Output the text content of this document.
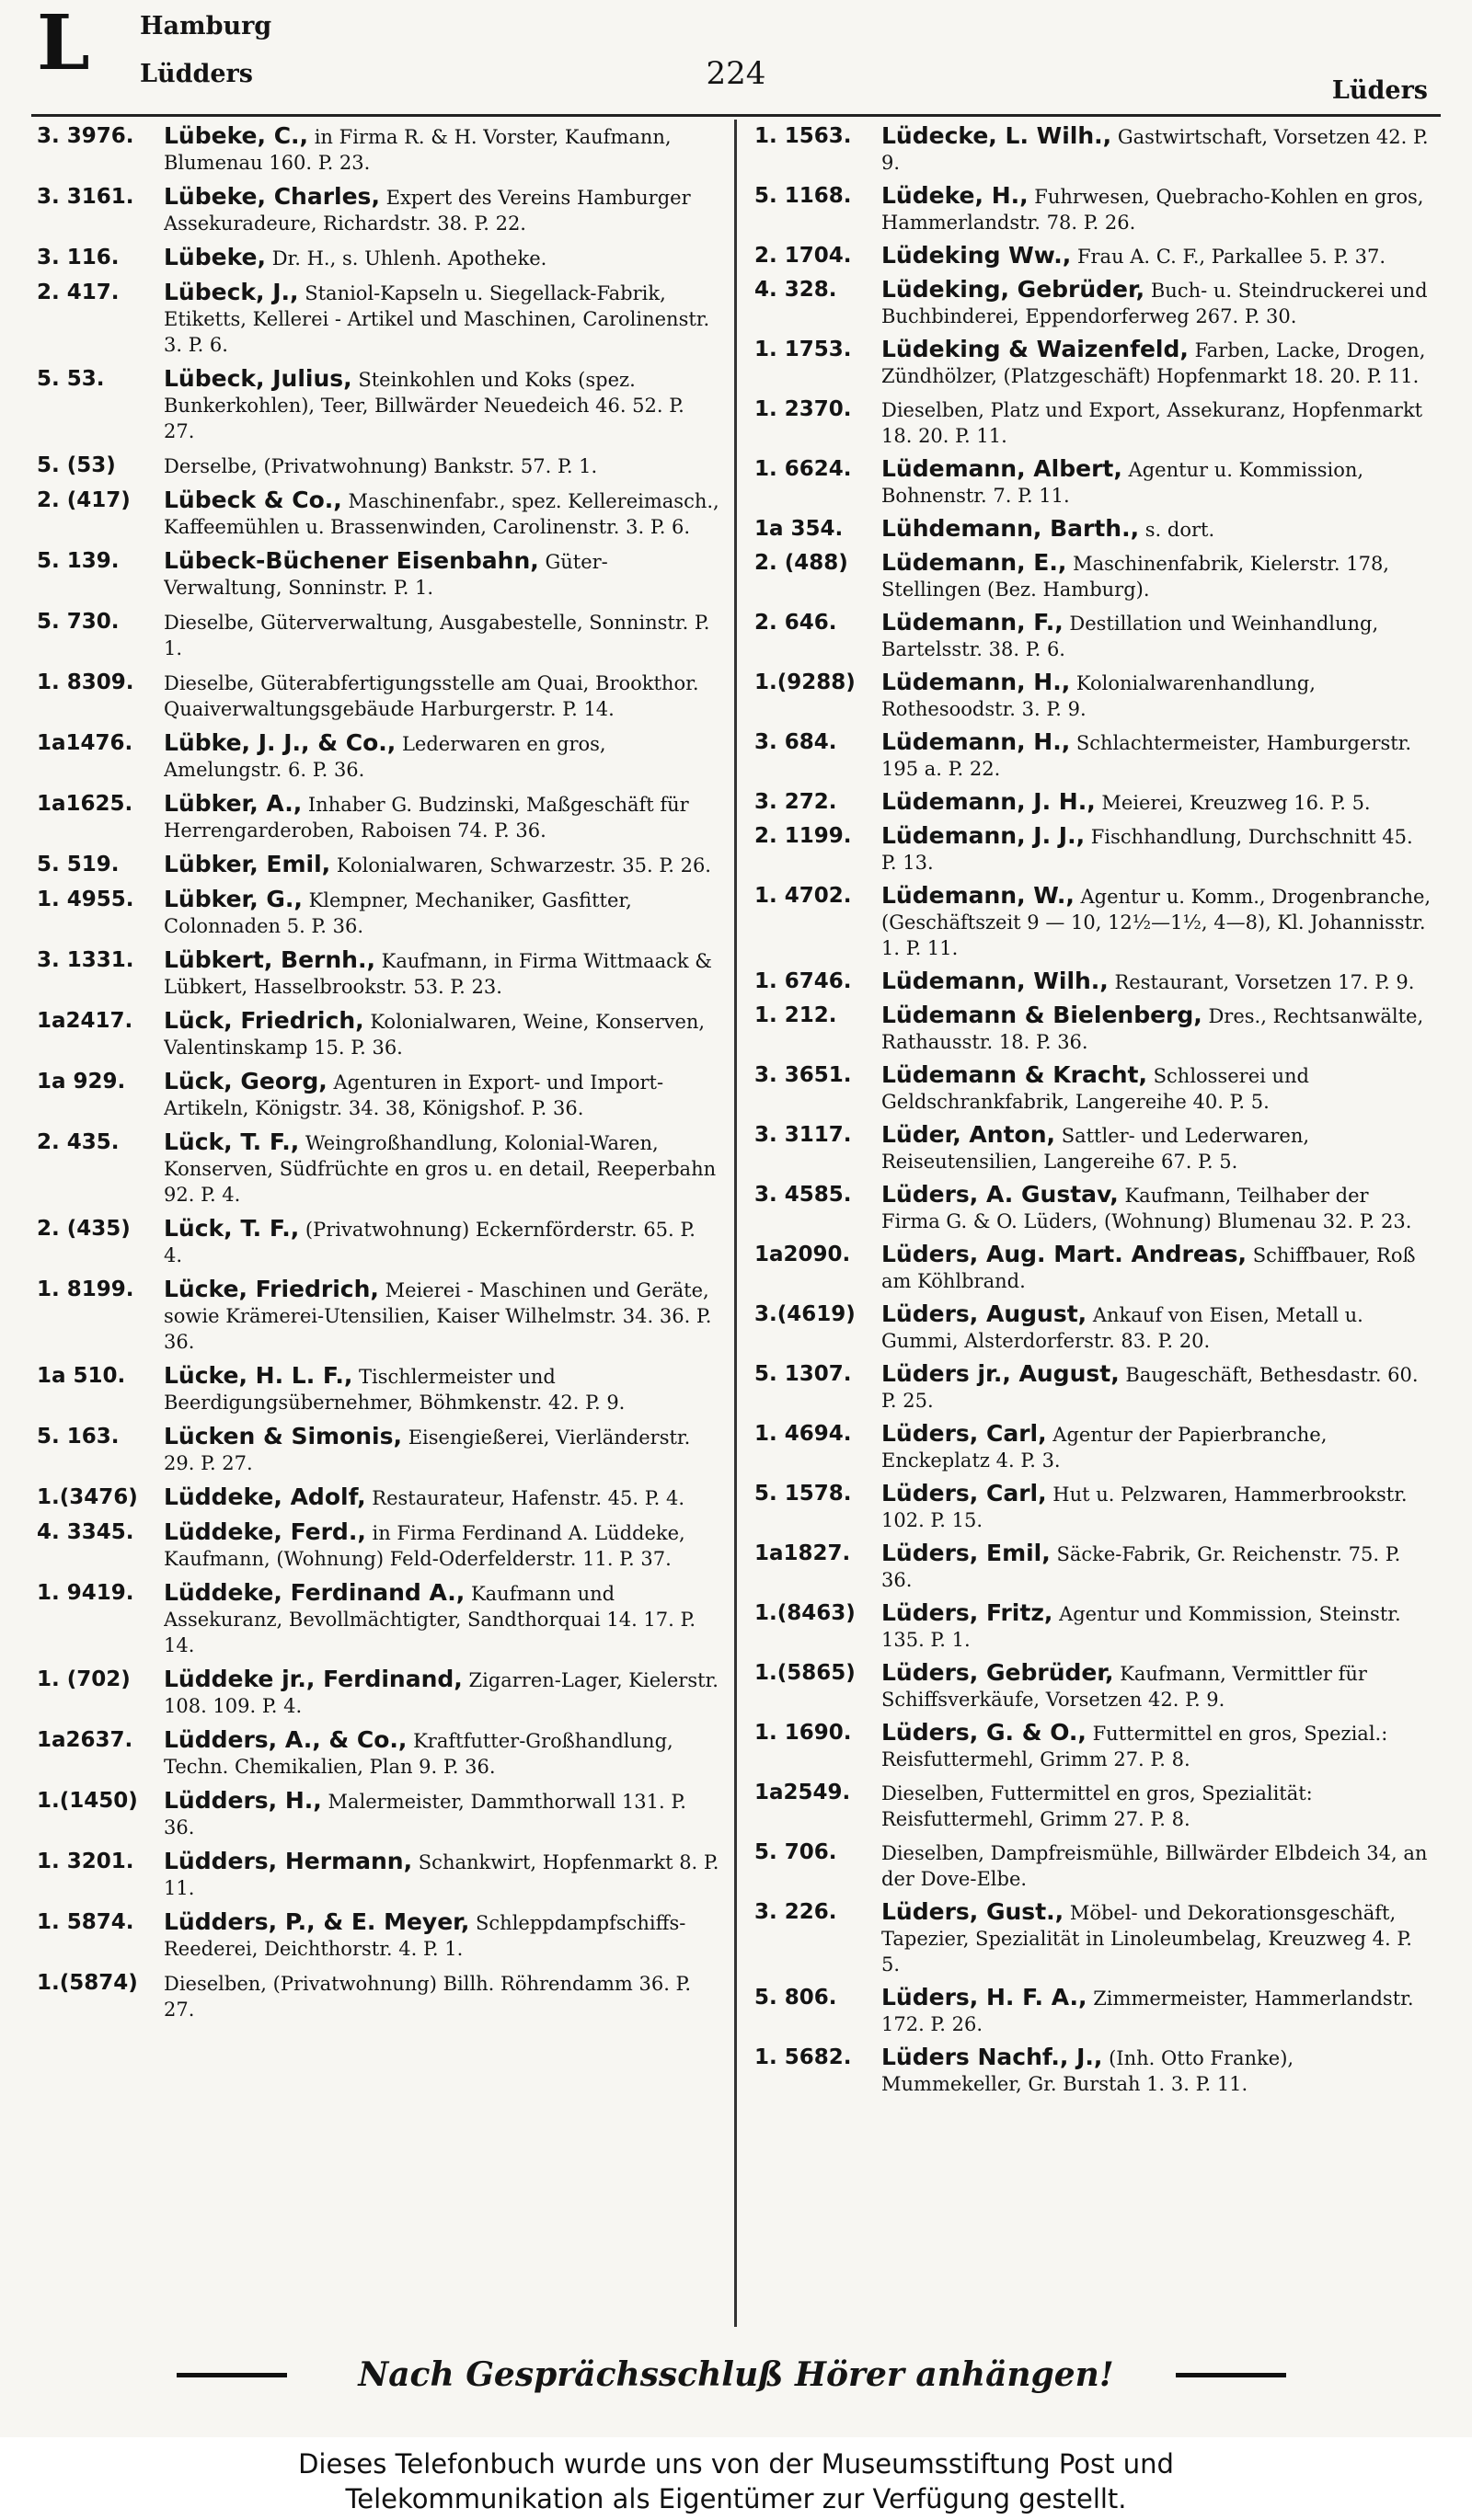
L Hamburg
Lüdders	224	Lüders
3. 3976.	Lübeke, C., in Firma R. & H. Vorster, Kaufmann, Blumenau 160. P. 23.
3. 3161.	Lübeke, Charles, Expert des Vereins Hamburger Assekuradeure, Richardstr. 38. P. 22.
3. 116.	Lübeke, Dr. H., s. Uhlenh. Apotheke.
2. 417.	Lübeck, J., Staniol-Kapseln u. Siegellack-Fabrik, Etiketts, Kellerei - Artikel und Maschinen, Carolinenstr. 3. P. 6.
5. 53.	Lübeck, Julius, Steinkohlen und Koks (spez. Bunkerkohlen), Teer, Billwärder Neuedeich 46. 52. P. 27.
5. (53)	Derselbe, (Privatwohnung) Bankstr. 57. P. 1.
2. (417)	Lübeck & Co., Maschinenfabr., spez. Kellereimasch., Kaffeemühlen u. Brassenwinden, Carolinenstr. 3. P. 6.
5. 139.	Lübeck-Büchener Eisenbahn, Güter-Verwaltung, Sonninstr. P. 1.
5. 730.	Dieselbe, Güterverwaltung, Ausgabestelle, Sonninstr. P. 1.
1. 8309.	Dieselbe, Güterabfertigungsstelle am Quai, Brookthor. Quaiverwaltungsgebäude Harburgerstr. P. 14.
1a1476.	Lübke, J. J., & Co., Lederwaren en gros, Amelungstr. 6. P. 36.
1a1625.	Lübker, A., Inhaber G. Budzinski, Maßgeschäft für Herrengarderoben, Raboisen 74. P. 36.
5. 519.	Lübker, Emil, Kolonialwaren, Schwarzestr. 35. P. 26.
1. 4955.	Lübker, G., Klempner, Mechaniker, Gasfitter, Colonnaden 5. P. 36.
3. 1331.	Lübkert, Bernh., Kaufmann, in Firma Wittmaack & Lübkert, Hasselbrookstr. 53. P. 23.
1a2417.	Lück, Friedrich, Kolonialwaren, Weine, Konserven, Valentinskamp 15. P. 36.
1a 929.	Lück, Georg, Agenturen in Export- und Import-Artikeln, Königstr. 34. 38, Königshof. P. 36.
2. 435.	Lück, T. F., Weingroßhandlung, Kolonial-Waren, Konserven, Südfrüchte en gros u. en detail, Reeperbahn 92. P. 4.
2. (435)	Lück, T. F., (Privatwohnung) Eckernförderstr. 65. P. 4.
1. 8199.	Lücke, Friedrich, Meierei - Maschinen und Geräte, sowie Krämerei-Utensilien, Kaiser Wilhelmstr. 34. 36. P. 36.
1a 510.	Lücke, H. L. F., Tischlermeister und Beerdigungsübernehmer, Böhmkenstr. 42. P. 9.
5. 163.	Lücken & Simonis, Eisengießerei, Vierländerstr. 29. P. 27.
1.(3476)	Lüddeke, Adolf, Restaurateur, Hafenstr. 45. P. 4.
4. 3345.	Lüddeke, Ferd., in Firma Ferdinand A. Lüddeke, Kaufmann, (Wohnung) Feld-Oderfelderstr. 11. P. 37.
1. 9419.	Lüddeke, Ferdinand A., Kaufmann und Assekuranz, Bevollmächtigter, Sandthorquai 14. 17. P. 14.
1. (702)	Lüddeke jr., Ferdinand, Zigarren-Lager, Kielerstr. 108. 109. P. 4.
1a2637.	Lüdders, A., & Co., Kraftfutter-Großhandlung, Techn. Chemikalien, Plan 9. P. 36.
1.(1450)	Lüdders, H., Malermeister, Dammthorwall 131. P. 36.
1. 3201.	Lüdders, Hermann, Schankwirt, Hopfenmarkt 8. P. 11.
1. 5874.	Lüdders, P., & E. Meyer, Schleppdampfschiffs-Reederei, Deichthorstr. 4. P. 1.
1.(5874)	Dieselben, (Privatwohnung) Billh. Röhrendamm 36. P. 27.
1. 1563.	Lüdecke, L. Wilh., Gastwirtschaft, Vorsetzen 42. P. 9.
5. 1168.	Lüdeke, H., Fuhrwesen, Quebracho-Kohlen en gros, Hammerlandstr. 78. P. 26.
2. 1704.	Lüdeking Ww., Frau A. C. F., Parkallee 5. P. 37.
4. 328.	Lüdeking, Gebrüder, Buch- u. Steindruckerei und Buchbinderei, Eppendorferweg 267. P. 30.
1. 1753.	Lüdeking & Waizenfeld, Farben, Lacke, Drogen, Zündhölzer, (Platzgeschäft) Hopfenmarkt 18. 20. P. 11.
1. 2370.	Dieselben, Platz und Export, Assekuranz, Hopfenmarkt 18. 20. P. 11.
1. 6624.	Lüdemann, Albert, Agentur u. Kommission, Bohnenstr. 7. P. 11.
1a 354.	Lühdemann, Barth., s. dort.
2. (488)	Lüdemann, E., Maschinenfabrik, Kielerstr. 178, Stellingen (Bez. Hamburg).
2. 646.	Lüdemann, F., Destillation und Weinhandlung, Bartelsstr. 38. P. 6.
1.(9288)	Lüdemann, H., Kolonialwarenhandlung, Rothesoodstr. 3. P. 9.
3. 684.	Lüdemann, H., Schlachtermeister, Hamburgerstr. 195 a. P. 22.
3. 272.	Lüdemann, J. H., Meierei, Kreuzweg 16. P. 5.
2. 1199.	Lüdemann, J. J., Fischhandlung, Durchschnitt 45. P. 13.
1. 4702.	Lüdemann, W., Agentur u. Komm., Drogenbranche, (Geschäftszeit 9 — 10, 12½—1½, 4—8), Kl. Johannisstr. 1. P. 11.
1. 6746.	Lüdemann, Wilh., Restaurant, Vorsetzen 17. P. 9.
1. 212.	Lüdemann & Bielenberg, Dres., Rechtsanwälte, Rathausstr. 18. P. 36.
3. 3651.	Lüdemann & Kracht, Schlosserei und Geldschrankfabrik, Langereihe 40. P. 5.
3. 3117.	Lüder, Anton, Sattler- und Lederwaren, Reiseutensilien, Langereihe 67. P. 5.
3. 4585.	Lüders, A. Gustav, Kaufmann, Teilhaber der Firma G. & O. Lüders, (Wohnung) Blumenau 32. P. 23.
1a2090.	Lüders, Aug. Mart. Andreas, Schiffbauer, Roß am Köhlbrand.
3.(4619)	Lüders, August, Ankauf von Eisen, Metall u. Gummi, Alsterdorferstr. 83. P. 20.
5. 1307.	Lüders jr., August, Baugeschäft, Bethesdastr. 60. P. 25.
1. 4694.	Lüders, Carl, Agentur der Papierbranche, Enckeplatz 4. P. 3.
5. 1578.	Lüders, Carl, Hut u. Pelzwaren, Hammerbrookstr. 102. P. 15.
1a1827.	Lüders, Emil, Säcke-Fabrik, Gr. Reichenstr. 75. P. 36.
1.(8463)	Lüders, Fritz, Agentur und Kommission, Steinstr. 135. P. 1.
1.(5865)	Lüders, Gebrüder, Kaufmann, Vermittler für Schiffsverkäufe, Vorsetzen 42. P. 9.
1. 1690.	Lüders, G. & O., Futtermittel en gros, Spezial.: Reisfuttermehl, Grimm 27. P. 8.
1a2549.	Dieselben, Futtermittel en gros, Spezialität: Reisfuttermehl, Grimm 27. P. 8.
5. 706.	Dieselben, Dampfreismühle, Billwärder Elbdeich 34, an der Dove-Elbe.
3. 226.	Lüders, Gust., Möbel- und Dekorationsgeschäft, Tapezier, Spezialität in Linoleumbelag, Kreuzweg 4. P. 5.
5. 806.	Lüders, H. F. A., Zimmermeister, Hammerlandstr. 172. P. 26.
1. 5682.	Lüders Nachf., J., (Inh. Otto Franke), Mummekeller, Gr. Burstah 1. 3. P. 11.
Nach Gesprächsschluß Hörer anhängen!
Dieses Telefonbuch wurde uns von der Museumsstiftung Post und
Telekommunikation als Eigentümer zur Verfügung gestellt.
